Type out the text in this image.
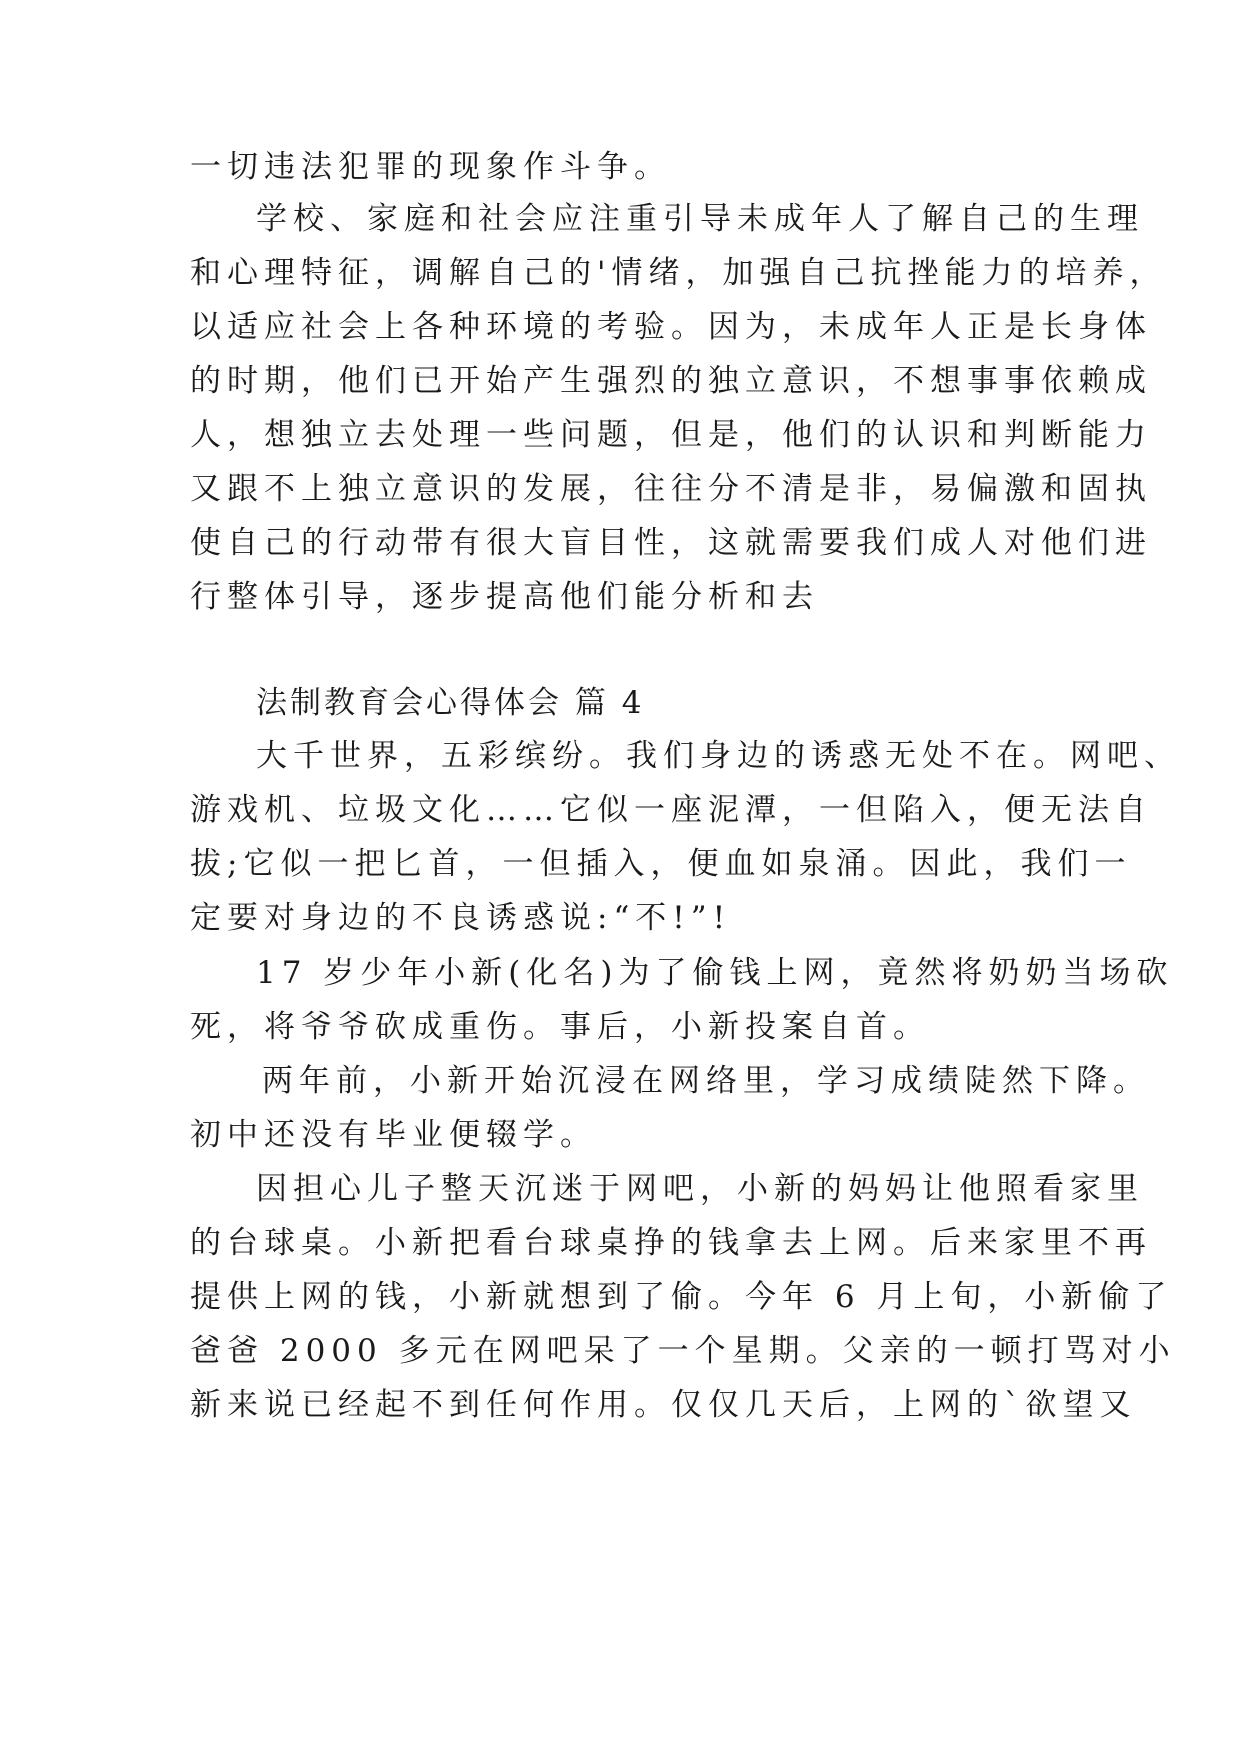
一切违法犯罪的现象作斗争。
学校、家庭和社会应注重引导未成年人了解自己的生理
和心理特征，调解自己的'情绪，加强自己抗挫能力的培养，
以适应社会上各种环境的考验。因为，未成年人正是长身体
的时期，他们已开始产生强烈的独立意识，不想事事依赖成
人，想独立去处理一些问题，但是，他们的认识和判断能力
又跟不上独立意识的发展，往往分不清是非，易偏激和固执
使自己的行动带有很大盲目性，这就需要我们成人对他们进
行整体引导，逐步提高他们能分析和去
法制教育会心得体会 篇 4
大千世界，五彩缤纷。我们身边的诱惑无处不在。网吧、
游戏机、垃圾文化……它似一座泥潭，一但陷入，便无法自
拔;它似一把匕首，一但插入，便血如泉涌。因此，我们一
定要对身边的不良诱惑说:“不!”!
17 岁少年小新(化名)为了偷钱上网，竟然将奶奶当场砍
死，将爷爷砍成重伤。事后，小新投案自首。
两年前，小新开始沉浸在网络里，学习成绩陡然下降。
初中还没有毕业便辍学。
因担心儿子整天沉迷于网吧，小新的妈妈让他照看家里
的台球桌。小新把看台球桌挣的钱拿去上网。后来家里不再
提供上网的钱，小新就想到了偷。今年 6 月上旬，小新偷了
爸爸 2000 多元在网吧呆了一个星期。父亲的一顿打骂对小
新来说已经起不到任何作用。仅仅几天后，上网的`欲望又
